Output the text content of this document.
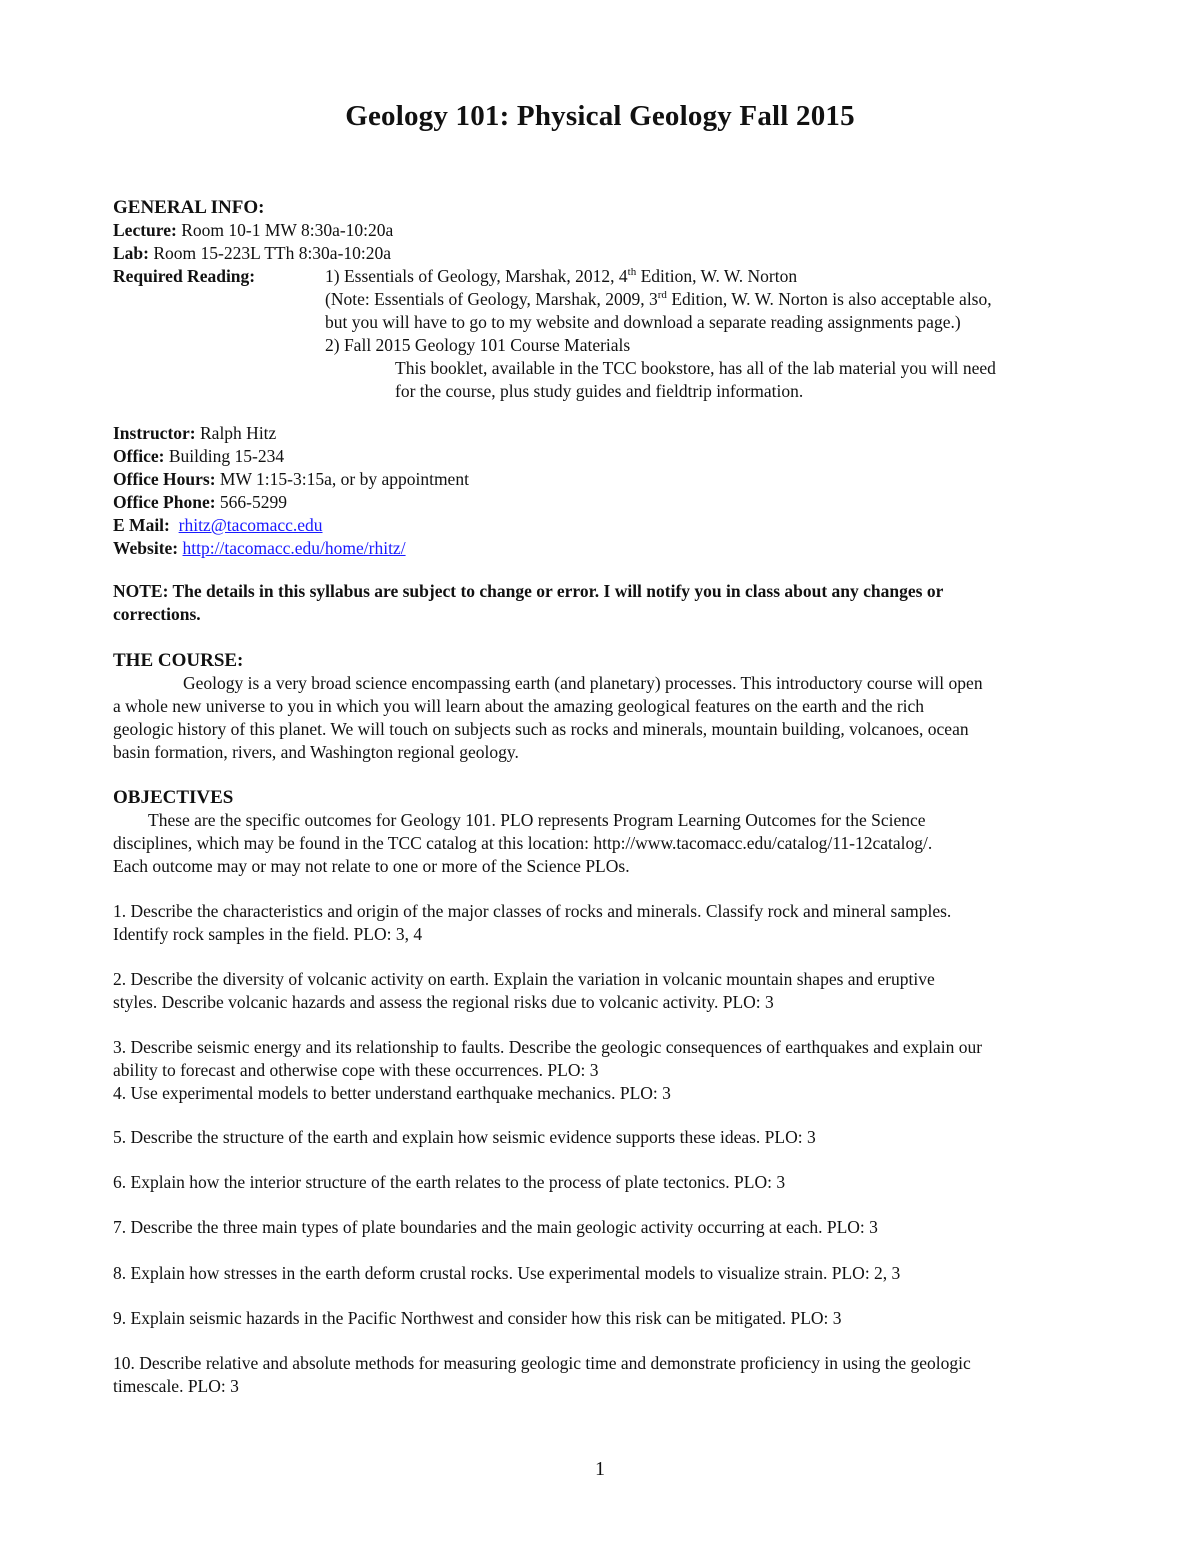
Geology 101: Physical Geology Fall 2015
GENERAL INFO:
Lecture: Room 10-1 MW 8:30a-10:20a
Lab: Room 15-223L TTh 8:30a-10:20a
Required Reading:	1) Essentials of Geology, Marshak, 2012, 4th Edition, W. W. Norton
(Note: Essentials of Geology, Marshak, 2009, 3rd Edition, W. W. Norton is also acceptable also,
but you will have to go to my website and download a separate reading assignments page.)
2) Fall 2015 Geology 101 Course Materials
This booklet, available in the TCC bookstore, has all of the lab material you will need
for the course, plus study guides and fieldtrip information.
Instructor: Ralph Hitz
Office: Building 15-234
Office Hours: MW 1:15-3:15a, or by appointment
Office Phone: 566-5299
E Mail: rhitz@tacomacc.edu
Website: http://tacomacc.edu/home/rhitz/
NOTE: The details in this syllabus are subject to change or error. I will notify you in class about any changes or
corrections.
THE COURSE:
Geology is a very broad science encompassing earth (and planetary) processes. This introductory course will open
a whole new universe to you in which you will learn about the amazing geological features on the earth and the rich
geologic history of this planet. We will touch on subjects such as rocks and minerals, mountain building, volcanoes, ocean
basin formation, rivers, and Washington regional geology.
OBJECTIVES
These are the specific outcomes for Geology 101. PLO represents Program Learning Outcomes for the Science
disciplines, which may be found in the TCC catalog at this location: http://www.tacomacc.edu/catalog/11-12catalog/.
Each outcome may or may not relate to one or more of the Science PLOs.
1. Describe the characteristics and origin of the major classes of rocks and minerals. Classify rock and mineral samples.
Identify rock samples in the field. PLO: 3, 4
2. Describe the diversity of volcanic activity on earth. Explain the variation in volcanic mountain shapes and eruptive
styles. Describe volcanic hazards and assess the regional risks due to volcanic activity. PLO: 3
3. Describe seismic energy and its relationship to faults. Describe the geologic consequences of earthquakes and explain our
ability to forecast and otherwise cope with these occurrences. PLO: 3
4. Use experimental models to better understand earthquake mechanics. PLO: 3
5. Describe the structure of the earth and explain how seismic evidence supports these ideas. PLO: 3
6. Explain how the interior structure of the earth relates to the process of plate tectonics. PLO: 3
7. Describe the three main types of plate boundaries and the main geologic activity occurring at each. PLO: 3
8. Explain how stresses in the earth deform crustal rocks. Use experimental models to visualize strain. PLO: 2, 3
9. Explain seismic hazards in the Pacific Northwest and consider how this risk can be mitigated. PLO: 3
10. Describe relative and absolute methods for measuring geologic time and demonstrate proficiency in using the geologic
timescale. PLO: 3
1
